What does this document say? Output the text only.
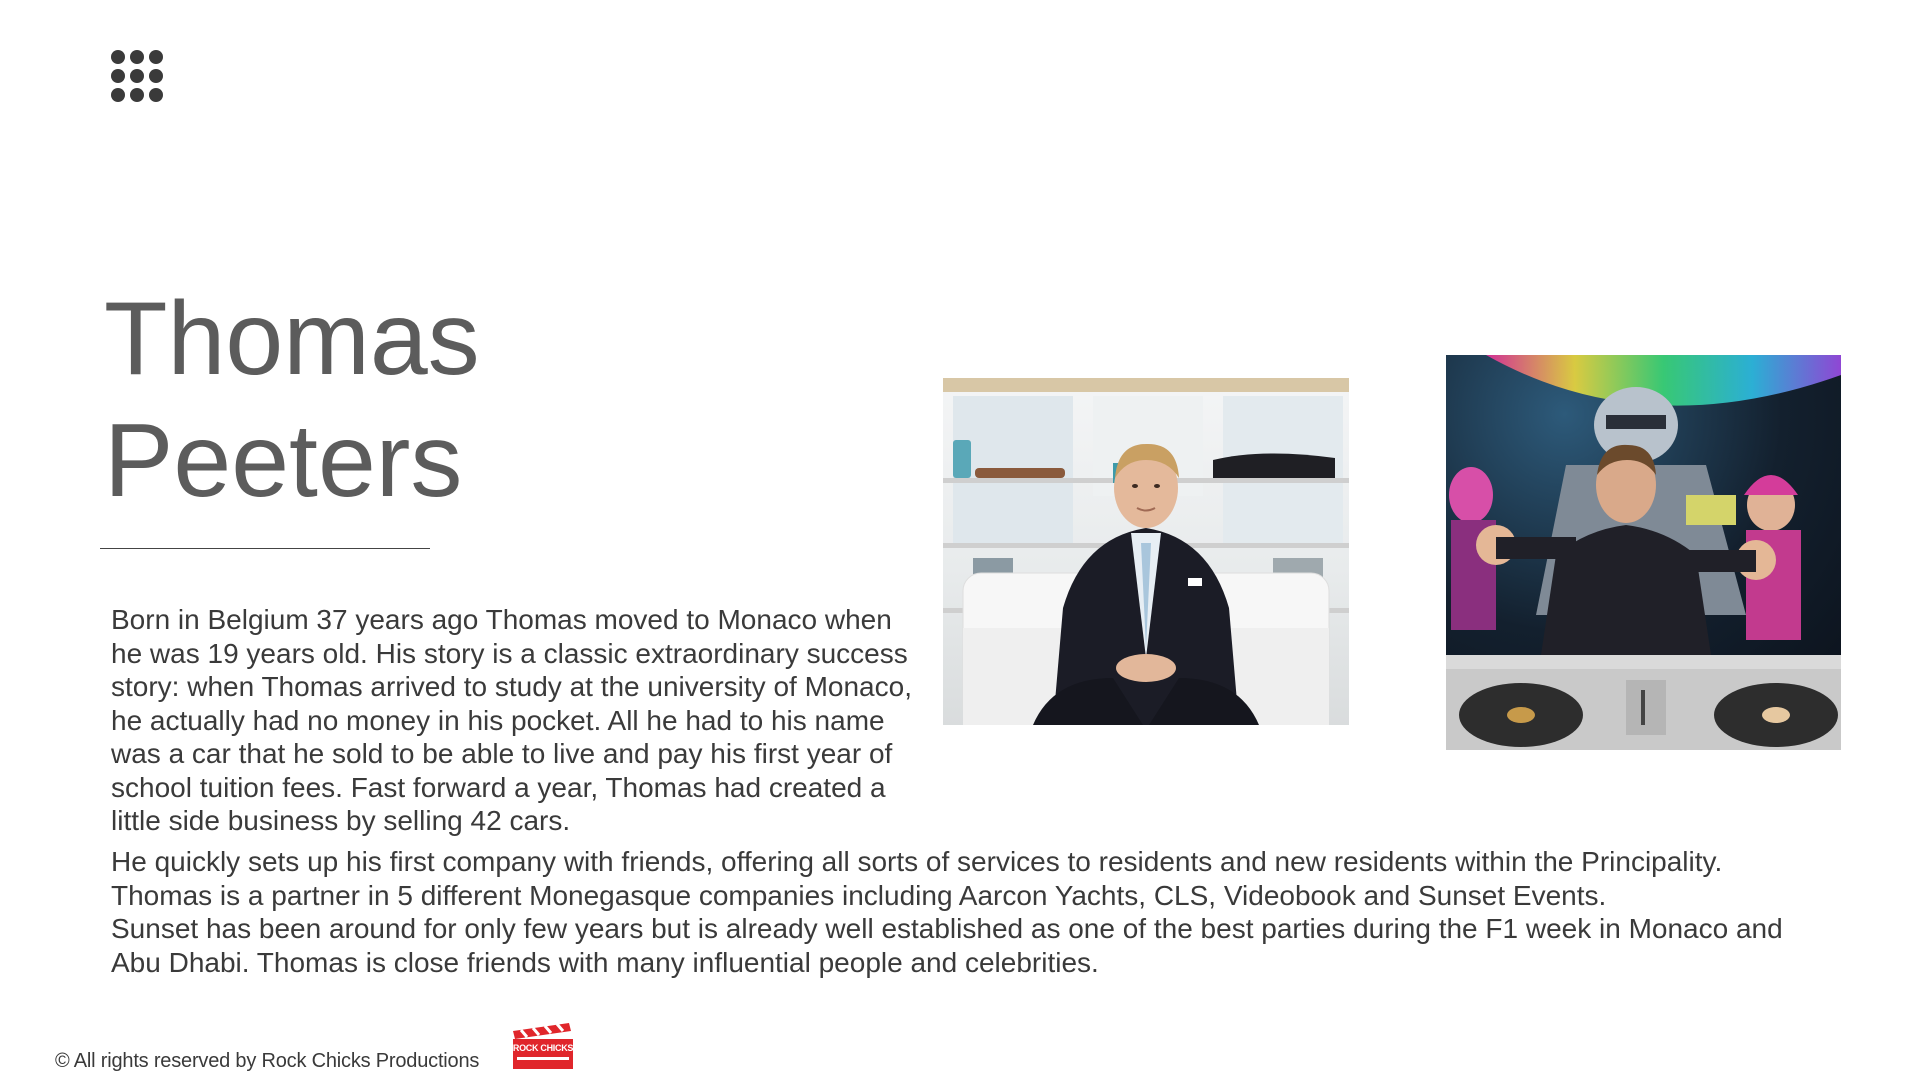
Thomas
Peeters

Born in Belgium 37 years ago Thomas moved to Monaco when he was 19 years old. His story is a classic extraordinary success story: when Thomas arrived to study at the university of Monaco, he actually had no money in his pocket. All he had to his name was a car that he sold to be able to live and pay his first year of school tuition fees. Fast forward a year, Thomas had created a little side business by selling 42 cars.

He quickly sets up his first company with friends, offering all sorts of services to residents and new residents within the Principality.

Thomas is a partner in 5 different Monegasque companies including Aarcon Yachts, CLS, Videobook and Sunset Events.

Sunset has been around for only few years but is already well established as one of the best parties during the F1 week in Monaco and Abu Dhabi. Thomas is close friends with many influential people and celebrities.

© All rights reserved by Rock Chicks Productions
ROCK CHICKS
